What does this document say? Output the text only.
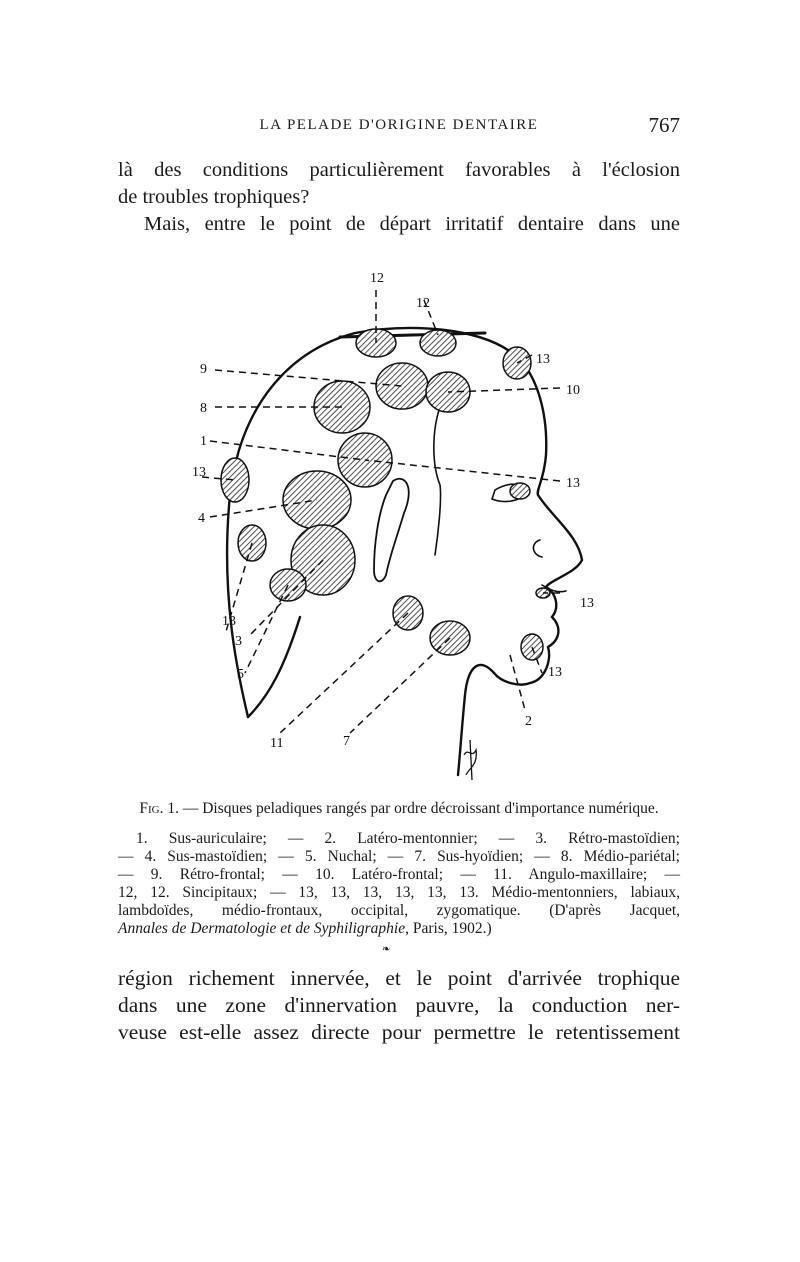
LA PELADE D'ORIGINE DENTAIRE	767

là des conditions particulièrement favorables à l'éclosion
de troubles trophiques?
Mais, entre le point de départ irritatif dentaire dans une

12
12
13
10
9
8
1
13
13
4
13
3
5
13
13
2
11	7

Fig. 1. — Disques peladiques rangés par ordre décroissant d'importance numérique.

1. Sus-auriculaire; — 2. Latéro-mentonnier; — 3. Rétro-mastoïdien;
— 4. Sus-mastoïdien; — 5. Nuchal; — 7. Sus-hyoïdien; — 8. Médio-pariétal;
— 9. Rétro-frontal; — 10. Latéro-frontal; — 11. Angulo-maxillaire; —
12, 12. Sincipitaux; — 13, 13, 13, 13, 13, 13. Médio-mentonniers, labiaux,
lambdoïdes, médio-frontaux, occipital, zygomatique. (D'après Jacquet,
Annales de Dermatologie et de Syphiligraphie, Paris, 1902.)

❧

région richement innervée, et le point d'arrivée trophique
dans une zone d'innervation pauvre, la conduction ner-
veuse est-elle assez directe pour permettre le retentissement
